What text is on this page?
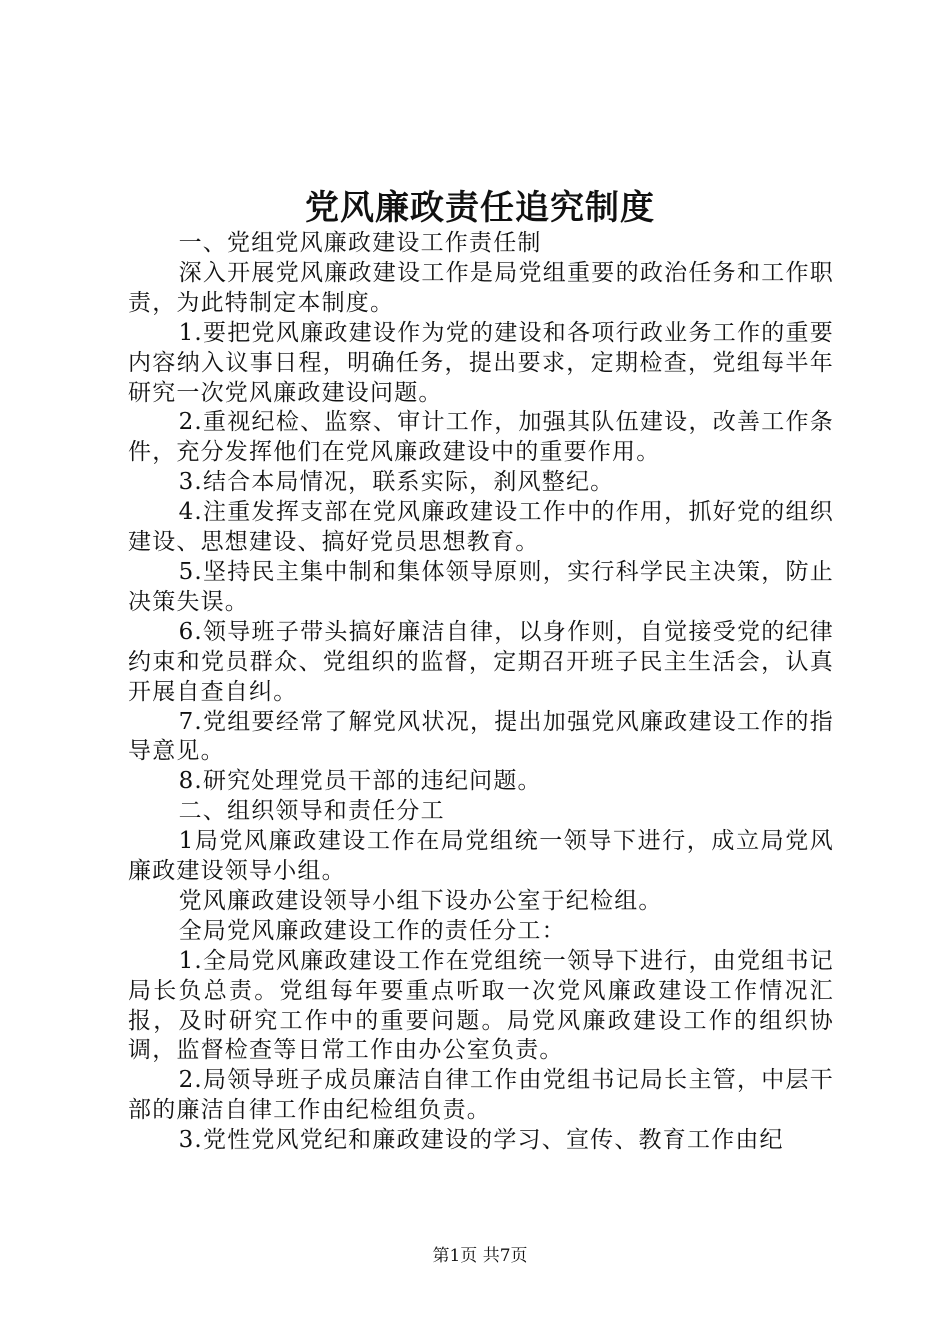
党风廉政责任追究制度

一、党组党风廉政建设工作责任制

深入开展党风廉政建设工作是局党组重要的政治任务和工作职责，为此特制定本制度。

1.要把党风廉政建设作为党的建设和各项行政业务工作的重要内容纳入议事日程，明确任务，提出要求，定期检查，党组每半年研究一次党风廉政建设问题。

2.重视纪检、监察、审计工作，加强其队伍建设，改善工作条件，充分发挥他们在党风廉政建设中的重要作用。

3.结合本局情况，联系实际，刹风整纪。

4.注重发挥支部在党风廉政建设工作中的作用，抓好党的组织建设、思想建设、搞好党员思想教育。

5.坚持民主集中制和集体领导原则，实行科学民主决策，防止决策失误。

6.领导班子带头搞好廉洁自律，以身作则，自觉接受党的纪律约束和党员群众、党组织的监督，定期召开班子民主生活会，认真开展自查自纠。

7.党组要经常了解党风状况，提出加强党风廉政建设工作的指导意见。

8.研究处理党员干部的违纪问题。

二、组织领导和责任分工

1局党风廉政建设工作在局党组统一领导下进行，成立局党风廉政建设领导小组。

党风廉政建设领导小组下设办公室于纪检组。

全局党风廉政建设工作的责任分工：

1.全局党风廉政建设工作在党组统一领导下进行，由党组书记局长负总责。党组每年要重点听取一次党风廉政建设工作情况汇报，及时研究工作中的重要问题。局党风廉政建设工作的组织协调，监督检查等日常工作由办公室负责。

2.局领导班子成员廉洁自律工作由党组书记局长主管，中层干部的廉洁自律工作由纪检组负责。

3.党性党风党纪和廉政建设的学习、宣传、教育工作由纪

第1页 共7页
